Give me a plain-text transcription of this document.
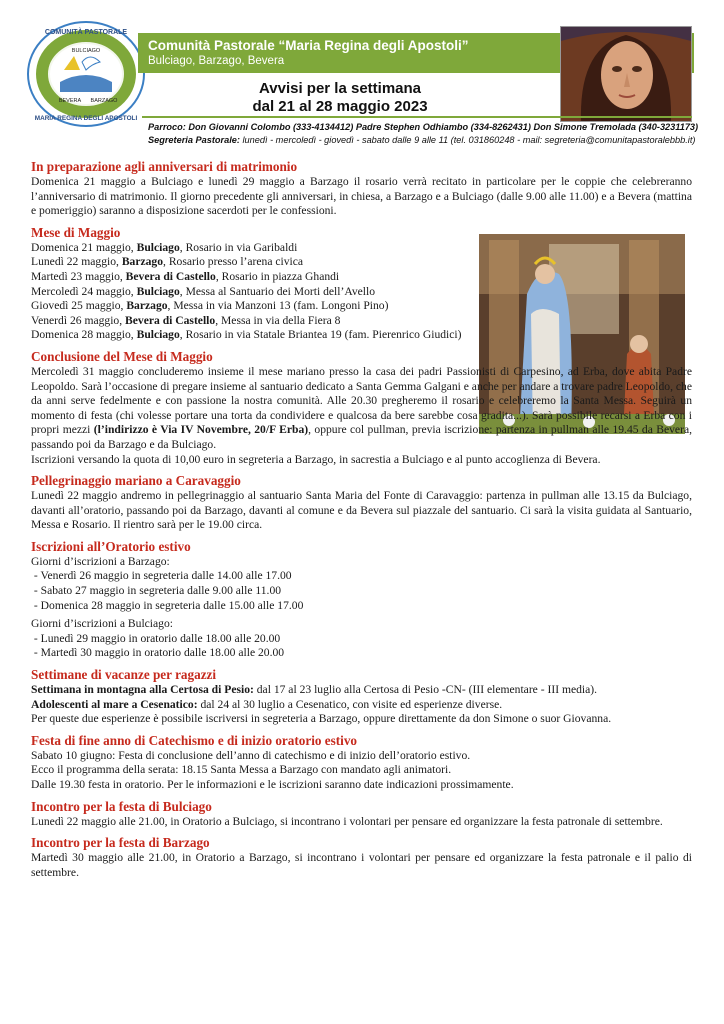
COMUNITÀ PASTORALE
MARIA REGINA DEGLI APOSTOLI
BULCIAGO
BEVERA BARZAGO
Comunità Pastorale “Maria Regina degli Apostoli”
Bulciago, Barzago, Bevera
Avvisi per la settimana
dal 21 al 28 maggio 2023
Parroco: Don Giovanni Colombo (333-4134412) Padre Stephen Odhiambo (334-8262431) Don Simone Tremolada (340-3231173)
Segreteria Pastorale: lunedì - mercoledì - giovedì - sabato dalle 9 alle 11 (tel. 031860248 - mail: segreteria@comunitapastoralebbb.it)
In preparazione agli anniversari di matrimonio

Domenica 21 maggio a Bulciago e lunedì 29 maggio a Barzago il rosario verrà recitato in particolare per le coppie che celebreranno l’anniversario di matrimonio. Il giorno precedente gli anniversari, in chiesa, a Barzago e a Bulciago (dalle 9.00 alle 11.00) e a Bevera (mattina e pomeriggio) saranno a disposizione sacerdoti per le confessioni.

Mese di Maggio

Domenica 21 maggio, Bulciago, Rosario in via Garibaldi

Lunedì 22 maggio, Barzago, Rosario presso l’arena civica

Martedì 23 maggio, Bevera di Castello, Rosario in piazza Ghandi

Mercoledì 24 maggio, Bulciago, Messa al Santuario dei Morti dell’Avello

Giovedì 25 maggio, Barzago, Messa in via Manzoni 13 (fam. Longoni Pino)

Venerdì 26 maggio, Bevera di Castello, Messa in via della Fiera 8

Domenica 28 maggio, Bulciago, Rosario in via Statale Briantea 19 (fam. Pierenrico Giudici)

Conclusione del Mese di Maggio

Mercoledì 31 maggio concluderemo insieme il mese mariano presso la casa dei padri Passionisti di Carpesino, ad Erba, dove abita Padre Leopoldo. Sarà l’occasione di pregare insieme al santuario dedicato a Santa Gemma Galgani e anche per andare a trovare padre Leopoldo, che da anni serve fedelmente e con passione la nostra comunità. Alle 20.30 pregheremo il rosario e celebreremo la Santa Messa. Seguirà un momento di festa (chi volesse portare una torta da condividere e qualcosa da bere sarebbe cosa gradita...). Sarà possibile recarsi a Erba con i propri mezzi (l’indirizzo è Via IV Novembre, 20/F Erba), oppure col pullman, previa iscrizione: partenza in pullman alle 19.45 da Bevera, passando poi da Barzago e da Bulciago.

Iscrizioni versando la quota di 10,00 euro in segreteria a Barzago, in sacrestia a Bulciago e al punto accoglienza di Bevera.

Pellegrinaggio mariano a Caravaggio

Lunedì 22 maggio andremo in pellegrinaggio al santuario Santa Maria del Fonte di Caravaggio: partenza in pullman alle 13.15 da Bulciago, davanti all’oratorio, passando poi da Barzago, davanti al comune e da Bevera sul piazzale del santuario. Ci sarà la visita guidata al Santuario, Messa e Rosario. Il rientro sarà per le 19.00 circa.

Iscrizioni all’Oratorio estivo

Giorni d’iscrizioni a Barzago:

- Venerdì 26 maggio in segreteria dalle 14.00 alle 17.00

- Sabato 27 maggio in segreteria dalle 9.00 alle 11.00

- Domenica 28 maggio in segreteria dalle 15.00 alle 17.00

Giorni d’iscrizioni a Bulciago:

- Lunedì 29 maggio in oratorio dalle 18.00 alle 20.00

- Martedì 30 maggio in oratorio dalle 18.00 alle 20.00

Settimane di vacanze per ragazzi

Settimana in montagna alla Certosa di Pesio: dal 17 al 23 luglio alla Certosa di Pesio -CN- (III elementare - III media).

Adolescenti al mare a Cesenatico: dal 24 al 30 luglio a Cesenatico, con visite ed esperienze diverse.

Per queste due esperienze è possibile iscriversi in segreteria a Barzago, oppure direttamente da don Simone o suor Giovanna.

Festa di fine anno di Catechismo e di inizio oratorio estivo

Sabato 10 giugno: Festa di conclusione dell’anno di catechismo e di inizio dell’oratorio estivo.

Ecco il programma della serata: 18.15 Santa Messa a Barzago con mandato agli animatori.

Dalle 19.30 festa in oratorio. Per le informazioni e le iscrizioni saranno date indicazioni prossimamente.

Incontro per la festa di Bulciago

Lunedì 22 maggio alle 21.00, in Oratorio a Bulciago, si incontrano i volontari per pensare ed organizzare la festa patronale di settembre.

Incontro per la festa di Barzago

Martedì 30 maggio alle 21.00, in Oratorio a Barzago, si incontrano i volontari per pensare ed organizzare la festa patronale e il palio di settembre.
